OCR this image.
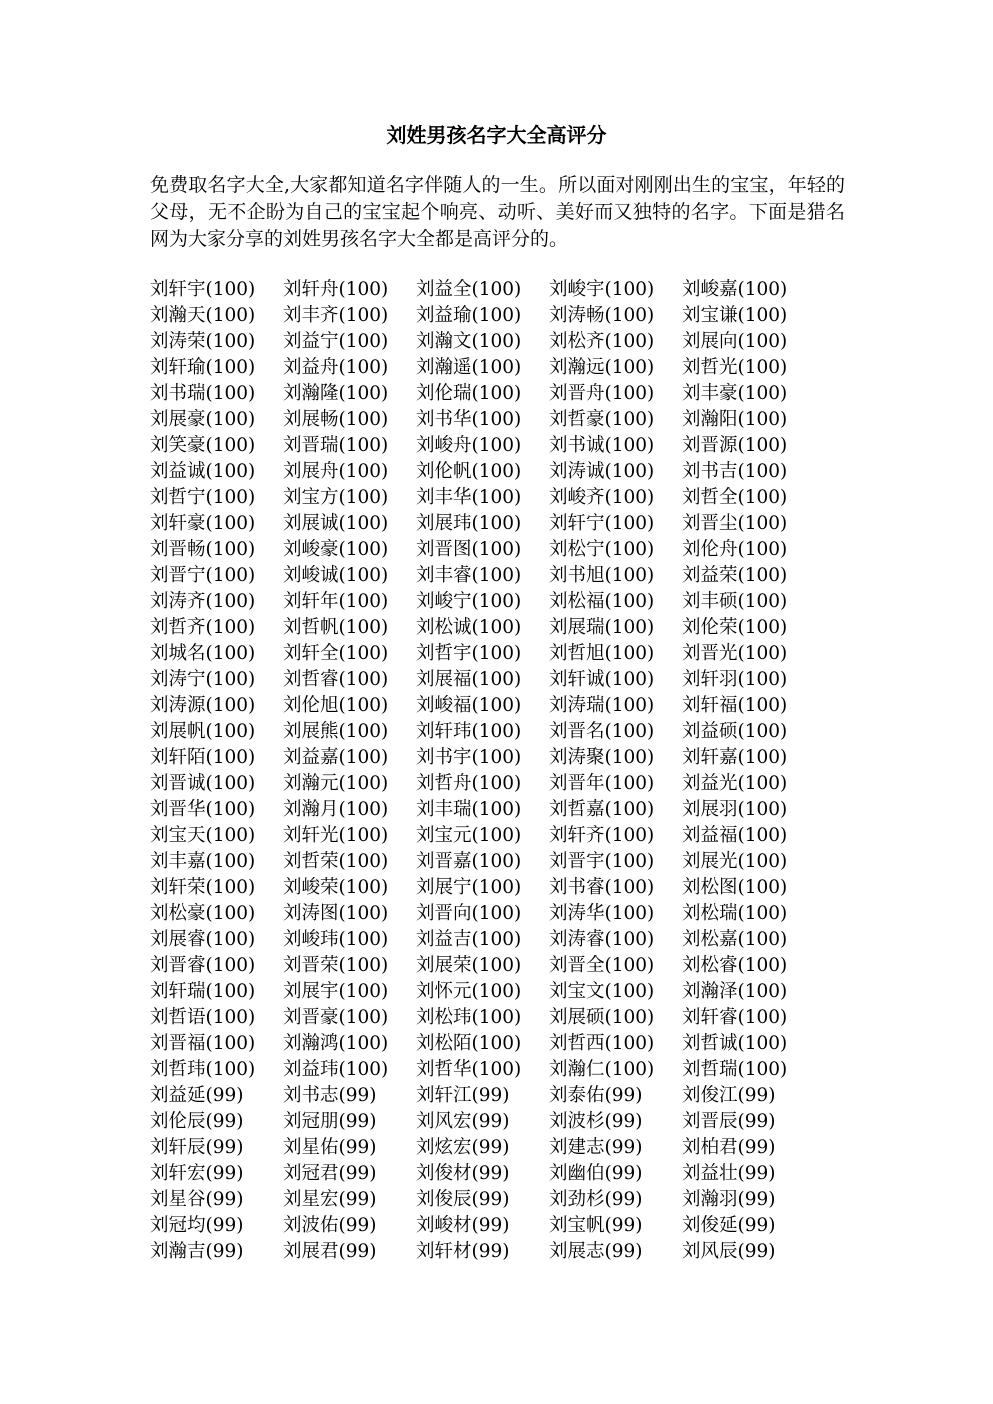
刘姓男孩名字大全高评分

免费取名字大全,大家都知道名字伴随人的一生。所以面对刚刚出生的宝宝，年轻的父母，无不企盼为自己的宝宝起个响亮、动听、美好而又独特的名字。下面是猎名网为大家分享的刘姓男孩名字大全都是高评分的。

刘轩宇(100)	刘轩舟(100)	刘益全(100)	刘峻宇(100)	刘峻嘉(100)
刘瀚天(100)	刘丰齐(100)	刘益瑜(100)	刘涛畅(100)	刘宝谦(100)
刘涛荣(100)	刘益宁(100)	刘瀚文(100)	刘松齐(100)	刘展向(100)
刘轩瑜(100)	刘益舟(100)	刘瀚遥(100)	刘瀚远(100)	刘哲光(100)
刘书瑞(100)	刘瀚隆(100)	刘伦瑞(100)	刘晋舟(100)	刘丰豪(100)
刘展豪(100)	刘展畅(100)	刘书华(100)	刘哲豪(100)	刘瀚阳(100)
刘笑豪(100)	刘晋瑞(100)	刘峻舟(100)	刘书诚(100)	刘晋源(100)
刘益诚(100)	刘展舟(100)	刘伦帆(100)	刘涛诚(100)	刘书吉(100)
刘哲宁(100)	刘宝方(100)	刘丰华(100)	刘峻齐(100)	刘哲全(100)
刘轩豪(100)	刘展诚(100)	刘展玮(100)	刘轩宁(100)	刘晋尘(100)
刘晋畅(100)	刘峻豪(100)	刘晋图(100)	刘松宁(100)	刘伦舟(100)
刘晋宁(100)	刘峻诚(100)	刘丰睿(100)	刘书旭(100)	刘益荣(100)
刘涛齐(100)	刘轩年(100)	刘峻宁(100)	刘松福(100)	刘丰硕(100)
刘哲齐(100)	刘哲帆(100)	刘松诚(100)	刘展瑞(100)	刘伦荣(100)
刘城名(100)	刘轩全(100)	刘哲宇(100)	刘哲旭(100)	刘晋光(100)
刘涛宁(100)	刘哲睿(100)	刘展福(100)	刘轩诚(100)	刘轩羽(100)
刘涛源(100)	刘伦旭(100)	刘峻福(100)	刘涛瑞(100)	刘轩福(100)
刘展帆(100)	刘展熊(100)	刘轩玮(100)	刘晋名(100)	刘益硕(100)
刘轩陌(100)	刘益嘉(100)	刘书宇(100)	刘涛聚(100)	刘轩嘉(100)
刘晋诚(100)	刘瀚元(100)	刘哲舟(100)	刘晋年(100)	刘益光(100)
刘晋华(100)	刘瀚月(100)	刘丰瑞(100)	刘哲嘉(100)	刘展羽(100)
刘宝天(100)	刘轩光(100)	刘宝元(100)	刘轩齐(100)	刘益福(100)
刘丰嘉(100)	刘哲荣(100)	刘晋嘉(100)	刘晋宇(100)	刘展光(100)
刘轩荣(100)	刘峻荣(100)	刘展宁(100)	刘书睿(100)	刘松图(100)
刘松豪(100)	刘涛图(100)	刘晋向(100)	刘涛华(100)	刘松瑞(100)
刘展睿(100)	刘峻玮(100)	刘益吉(100)	刘涛睿(100)	刘松嘉(100)
刘晋睿(100)	刘晋荣(100)	刘展荣(100)	刘晋全(100)	刘松睿(100)
刘轩瑞(100)	刘展宇(100)	刘怀元(100)	刘宝文(100)	刘瀚泽(100)
刘哲语(100)	刘晋豪(100)	刘松玮(100)	刘展硕(100)	刘轩睿(100)
刘晋福(100)	刘瀚鸿(100)	刘松陌(100)	刘哲西(100)	刘哲诚(100)
刘哲玮(100)	刘益玮(100)	刘哲华(100)	刘瀚仁(100)	刘哲瑞(100)
刘益延(99)	刘书志(99)	刘轩江(99)	刘泰佑(99)	刘俊江(99)
刘伦辰(99)	刘冠朋(99)	刘风宏(99)	刘波杉(99)	刘晋辰(99)
刘轩辰(99)	刘星佑(99)	刘炫宏(99)	刘建志(99)	刘柏君(99)
刘轩宏(99)	刘冠君(99)	刘俊材(99)	刘幽伯(99)	刘益壮(99)
刘星谷(99)	刘星宏(99)	刘俊辰(99)	刘劲杉(99)	刘瀚羽(99)
刘冠均(99)	刘波佑(99)	刘峻材(99)	刘宝帆(99)	刘俊延(99)
刘瀚吉(99)	刘展君(99)	刘轩材(99)	刘展志(99)	刘风辰(99)
